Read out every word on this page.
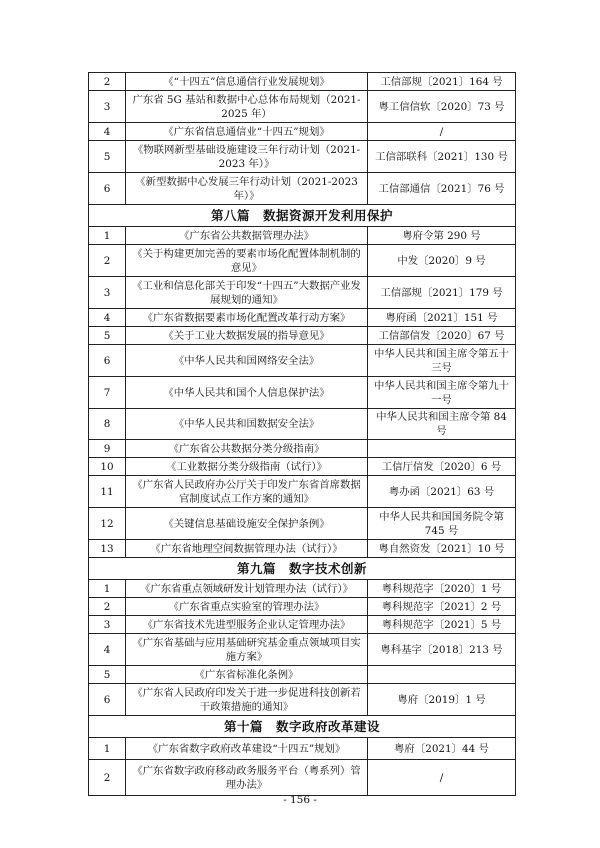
2	《“十四五”信息通信行业发展规划》	工信部规〔2021〕164 号
3	广东省 5G 基站和数据中心总体布局规划（2021-2025 年）	粤工信信软〔2020〕73 号
4	《广东省信息通信业“十四五”规划》	/
5	《物联网新型基础设施建设三年行动计划（2021-2023 年）》	工信部联科〔2021〕130 号
6	《新型数据中心发展三年行动计划（2021-2023 年）》	工信部通信〔2021〕76 号
第八篇　数据资源开发利用保护		
1	《广东省公共数据管理办法》	粤府令第 290 号
2	《关于构建更加完善的要素市场化配置体制机制的意见》	中发〔2020〕9 号
3	《工业和信息化部关于印发“十四五”大数据产业发展规划的通知》	工信部规〔2021〕179 号
4	《广东省数据要素市场化配置改革行动方案》	粤府函〔2021〕151 号
5	《关于工业大数据发展的指导意见》	工信部信发〔2020〕67 号
6	《中华人民共和国网络安全法》	中华人民共和国主席令第五十三号
7	《中华人民共和国个人信息保护法》	中华人民共和国主席令第九十一号
8	《中华人民共和国数据安全法》	中华人民共和国主席令第 84 号
9	《广东省公共数据分类分级指南》	
10	《工业数据分类分级指南（试行）》	工信厅信发〔2020〕6 号
11	《广东省人民政府办公厅关于印发广东省首席数据官制度试点工作方案的通知》	粤办函〔2021〕63 号
12	《关键信息基础设施安全保护条例》	中华人民共和国国务院令第 745 号
13	《广东省地理空间数据管理办法（试行）》	粤自然资发〔2021〕10 号
第九篇　数字技术创新		
1	《广东省重点领域研发计划管理办法（试行）》	粤科规范字〔2020〕1 号
2	《广东省重点实验室的管理办法》	粤科规范字〔2021〕2 号
3	《广东省技术先进型服务企业认定管理办法》	粤科规范字〔2021〕5 号
4	《广东省基础与应用基础研究基金重点领域项目实施方案》	粤科基字〔2018〕213 号
5	《广东省标准化条例》	
6	《广东省人民政府印发关于进一步促进科技创新若干政策措施的通知》	粤府〔2019〕1 号
第十篇　数字政府改革建设		
1	《广东省数字政府改革建设“十四五”规划》	粤府〔2021〕44 号
2	《广东省数字政府移动政务服务平台（粤系列）管理办法》	/
- 156 -
